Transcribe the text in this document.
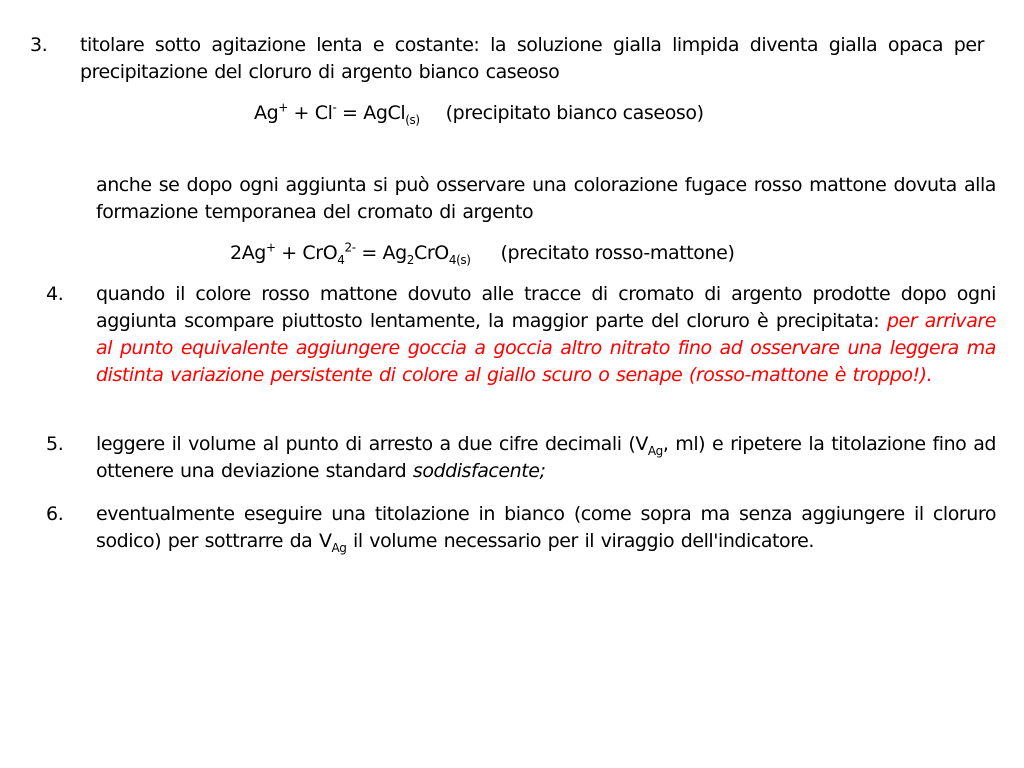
3.	titolare sotto agitazione lenta e costante: la soluzione gialla limpida diventa gialla opaca per precipitazione del cloruro di argento bianco caseoso

Ag+ + Cl- = AgCl$_{(s)}$ (precipitato bianco caseoso)

anche se dopo ogni aggiunta si può osservare una colorazione fugace rosso mattone dovuta alla formazione temporanea del cromato di argento

$2Ag^+ + CrO_4^{2-} = Ag_2CrO_{4(s)}$ (precitato rosso-mattone)
4.	quando il colore rosso mattone dovuto alle tracce di cromato di argento prodotte dopo ogni aggiunta scompare piuttosto lentamente, la maggior parte del cloruro è precipitata: per arrivare al punto equivalente aggiungere goccia a goccia altro nitrato fino ad osservare una leggera ma distinta variazione persistente di colore al giallo scuro o senape (rosso-mattone è troppo!).

5.	leggere il volume al punto di arresto a due cifre decimali ($V_{Ag}$, ml) e ripetere la titolazione fino ad ottenere una deviazione standard soddisfacente;

6.	eventualmente eseguire una titolazione in bianco (come sopra ma senza aggiungere il cloruro sodico) per sottrarre da $V_{Ag}$ il volume necessario per il viraggio dell'indicatore.
